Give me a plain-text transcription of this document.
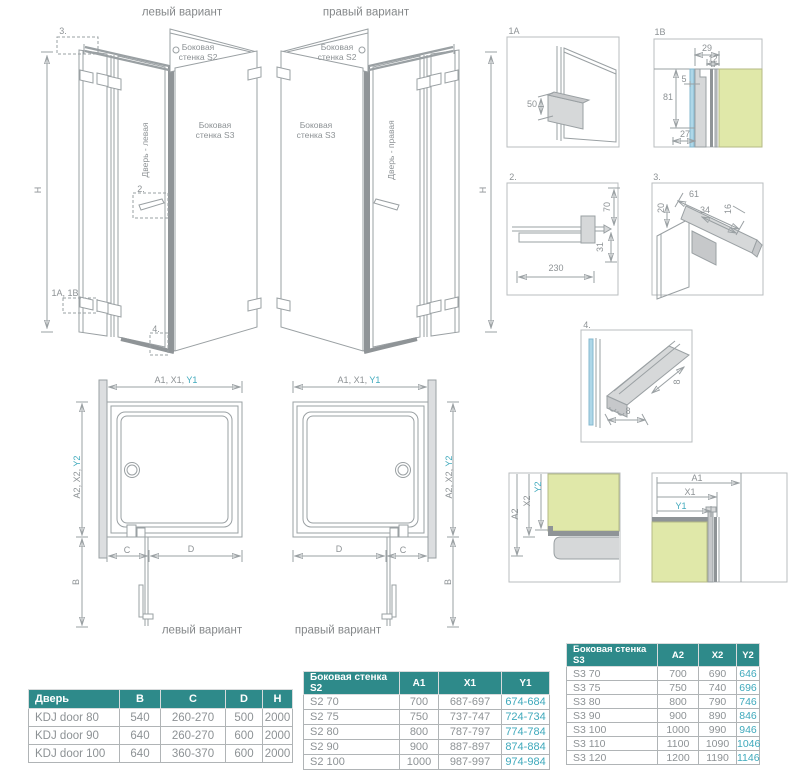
левый вариант
Боковая стенка S2
Боковая стенка S3
Дверь - левая
H
3.
2.
1A, 1B
4.
правый вариант
Боковая стенка S2
Боковая стенка S3	Дверь - правая
H
1A	1B
2.	3.
4.
50
29
12
5
81
27
230
70
31
61
34
20	16
8
8
A2
X2
Y2
A1
X1
Y1
A1, X1, Y1
A2, X2, Y2
B
C	D
левый вариант
A1, X1, Y1
A2, X2, Y2
B
D	C
правый вариант
Дверь	B	C	D	H
KDJ door 80	540	260-270	500	2000
KDJ door 90	640	260-270	600	2000
KDJ door 100	640	360-370	600	2000
Боковая стенка S2	A1	X1	Y1
S2 70	700	687-697	674-684
S2 75	750	737-747	724-734
S2 80	800	787-797	774-784
S2 90	900	887-897	874-884
S2 100	1000	987-997	974-984
Боковая стенка S3	A2	X2	Y2
S3 70	700	690	646
S3 75	750	740	696
S3 80	800	790	746
S3 90	900	890	846
S3 100	1000	990	946
S3 110	1100	1090	1046
S3 120	1200	1190	1146
